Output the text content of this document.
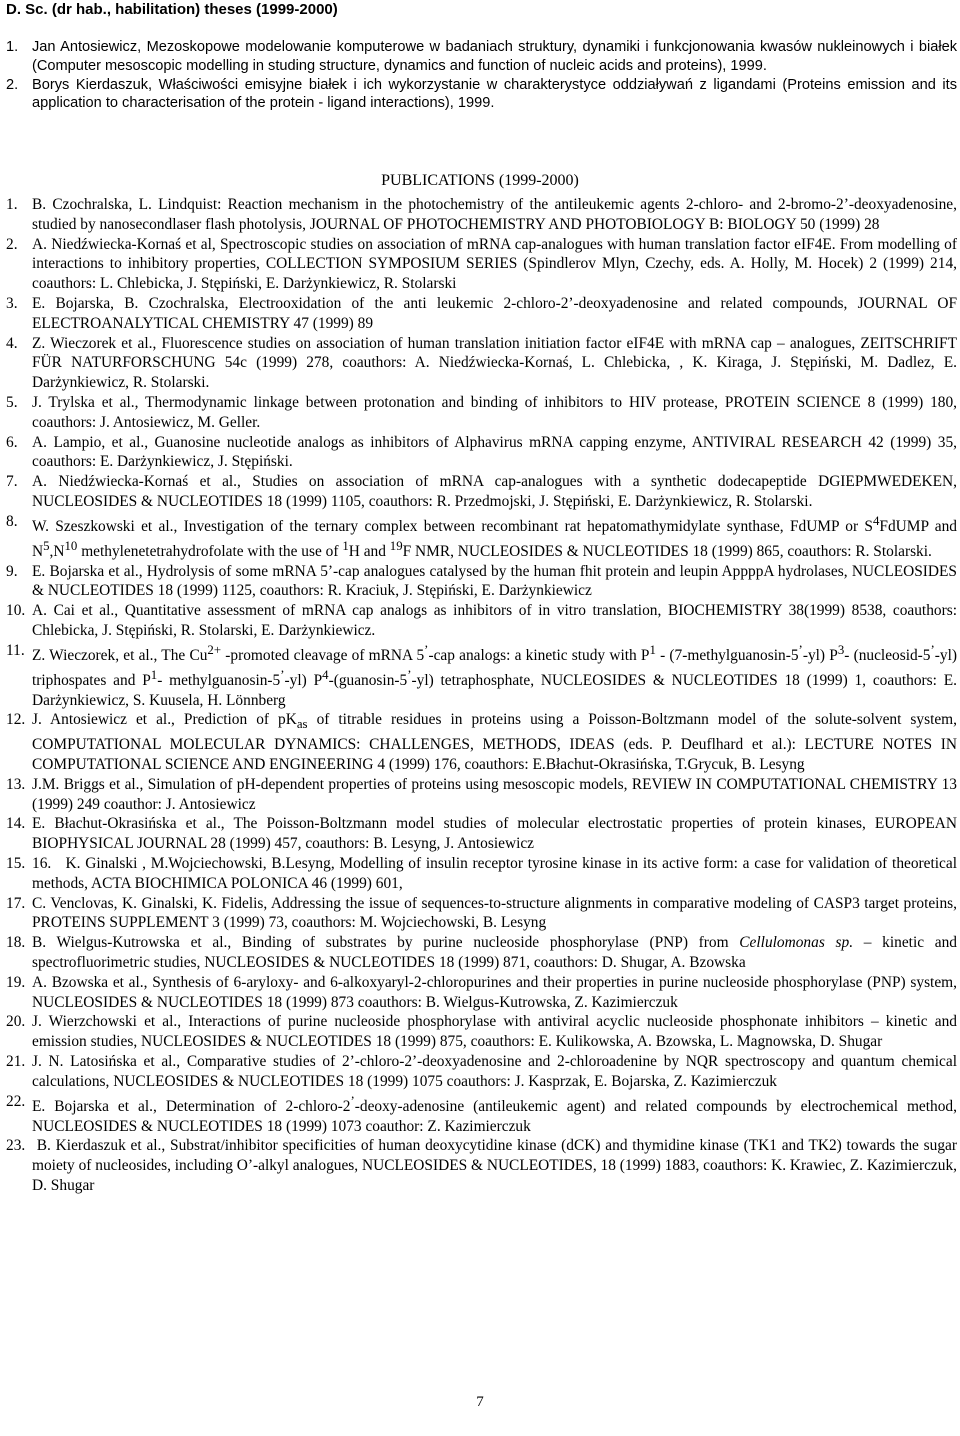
D. Sc. (dr hab., habilitation) theses (1999-2000)
1. Jan Antosiewicz, Mezoskopowe modelowanie komputerowe w badaniach struktury, dynamiki i funkcjonowania kwasów nukleinowych i białek (Computer mesoscopic modelling in studing structure, dynamics and function of nucleic acids and proteins), 1999.

2. Borys Kierdaszuk, Właściwości emisyjne białek i ich wykorzystanie w charakterystyce oddziaływań z ligandami (Proteins emission and its application to characterisation of the protein - ligand interactions), 1999.

PUBLICATIONS (1999-2000)
1. B. Czochralska, L. Lindquist: Reaction mechanism in the photochemistry of the antileukemic agents 2-chloro- and 2-bromo-2’-deoxyadenosine, studied by nanosecondlaser flash photolysis, JOURNAL OF PHOTOCHEMISTRY AND PHOTOBIOLOGY B: BIOLOGY 50 (1999) 28

2. A. Niedźwiecka-Kornaś et al, Spectroscopic studies on association of mRNA cap-analogues with human translation factor eIF4E. From modelling of interactions to inhibitory properties, COLLECTION SYMPOSIUM SERIES (Spindlerov Mlyn, Czechy, eds. A. Holly, M. Hocek) 2 (1999) 214, coauthors: L. Chlebicka, J. Stępiński, E. Darżynkiewicz, R. Stolarski

3. E. Bojarska, B. Czochralska, Electrooxidation of the anti leukemic 2-chloro-2’-deoxyadenosine and related compounds, JOURNAL OF ELECTROANALYTICAL CHEMISTRY 47 (1999) 89

4. Z. Wieczorek et al., Fluorescence studies on association of human translation initiation factor eIF4E with mRNA cap – analogues, ZEITSCHRIFT FÜR NATURFORSCHUNG 54c (1999) 278, coauthors: A. Niedźwiecka-Kornaś, L. Chlebicka, , K. Kiraga, J. Stępiński, M. Dadlez, E. Darżynkiewicz, R. Stolarski.

5. J. Trylska et al., Thermodynamic linkage between protonation and binding of inhibitors to HIV protease, PROTEIN SCIENCE 8 (1999) 180, coauthors: J. Antosiewicz, M. Geller.

6. A. Lampio, et al., Guanosine nucleotide analogs as inhibitors of Alphavirus mRNA capping enzyme, ANTIVIRAL RESEARCH 42 (1999) 35, coauthors: E. Darżynkiewicz, J. Stępiński.

7. A. Niedźwiecka-Kornaś et al., Studies on association of mRNA cap-analogues with a synthetic dodecapeptide DGIEPMWEDEKEN, NUCLEOSIDES & NUCLEOTIDES 18 (1999) 1105, coauthors: R. Przedmojski, J. Stępiński, E. Darżynkiewicz, R. Stolarski.

8. W. Szeszkowski et al., Investigation of the ternary complex between recombinant rat hepatomathymidylate synthase, FdUMP or $S^4FdUMP$ and $N^5,N^{10}$ methylenetetrahydrofolate with the use of $^1$H and $^{19}$F NMR, NUCLEOSIDES & NUCLEOTIDES 18 (1999) 865, coauthors: R. Stolarski.

9. E. Bojarska et al., Hydrolysis of some mRNA 5’-cap analogues catalysed by the human fhit protein and leupin AppppA hydrolases, NUCLEOSIDES & NUCLEOTIDES 18 (1999) 1125, coauthors: R. Kraciuk, J. Stępiński, E. Darżynkiewicz

10. A. Cai et al., Quantitative assessment of mRNA cap analogs as inhibitors of in vitro translation, BIOCHEMISTRY 38(1999) 8538, coauthors: Chlebicka, J. Stępiński, R. Stolarski, E. Darżynkiewicz.

11. Z. Wieczorek, et al., The $Cu^{2+}$ -promoted cleavage of mRNA 5’-cap analogs: a kinetic study with $P^1$ - (7-methylguanosin-5’-yl) $P^3-$ (nucleosid-5’-yl) triphospates and $P^1-$ methylguanosin-5’-yl) $P^4-(guanosin-5^’-yl)$ tetraphosphate, NUCLEOSIDES & NUCLEOTIDES 18 (1999) 1, coauthors: E. Darżynkiewicz, S. Kuusela, H. Lönnberg

12. J. Antosiewicz et al., Prediction of $pK_{as}$ of titrable residues in proteins using a Poisson-Boltzmann model of the solute-solvent system, COMPUTATIONAL MOLECULAR DYNAMICS: CHALLENGES, METHODS, IDEAS (eds. P. Deuflhard et al.): LECTURE NOTES IN COMPUTATIONAL SCIENCE AND ENGINEERING 4 (1999) 176, coauthors: E.Błachut-Okrasińska, T.Grycuk, B. Lesyng

13. J.M. Briggs et al., Simulation of pH-dependent properties of proteins using mesoscopic models, REVIEW IN COMPUTATIONAL CHEMISTRY 13 (1999) 249 coauthor: J. Antosiewicz

14. E. Błachut-Okrasińska et al., The Poisson-Boltzmann model studies of molecular electrostatic properties of protein kinases, EUROPEAN BIOPHYSICAL JOURNAL 28 (1999) 457, coauthors: B. Lesyng, J. Antosiewicz

15. 16.   K. Ginalski , M.Wojciechowski, B.Lesyng, Modelling of insulin receptor tyrosine kinase in its active form: a case for validation of theoretical methods, ACTA BIOCHIMICA POLONICA 46 (1999) 601,

17. C. Venclovas, K. Ginalski, K. Fidelis, Addressing the issue of sequences-to-structure alignments in comparative modeling of CASP3 target proteins, PROTEINS SUPPLEMENT 3 (1999) 73, coauthors: M. Wojciechowski, B. Lesyng

18. B. Wielgus-Kutrowska et al., Binding of substrates by purine nucleoside phosphorylase (PNP) from Cellulomonas sp. – kinetic and spectrofluorimetric studies, NUCLEOSIDES & NUCLEOTIDES 18 (1999) 871, coauthors: D. Shugar, A. Bzowska

19. A. Bzowska et al., Synthesis of 6-aryloxy- and 6-alkoxyaryl-2-chloropurines and their properties in purine nucleoside phosphorylase (PNP) system, NUCLEOSIDES & NUCLEOTIDES 18 (1999) 873 coauthors: B. Wielgus-Kutrowska, Z. Kazimierczuk

20. J. Wierzchowski et al., Interactions of purine nucleoside phosphorylase with antiviral acyclic nucleoside phosphonate inhibitors – kinetic and emission studies, NUCLEOSIDES & NUCLEOTIDES 18 (1999) 875, coauthors: E. Kulikowska, A. Bzowska, L. Magnowska, D. Shugar

21. J. N. Latosińska et al., Comparative studies of 2’-chloro-2’-deoxyadenosine and 2-chloroadenine by NQR spectroscopy and quantum chemical calculations, NUCLEOSIDES & NUCLEOTIDES 18 (1999) 1075 coauthors: J. Kasprzak, E. Bojarska, Z. Kazimierczuk

22. E. Bojarska et al., Determination of 2-chloro-2’-deoxy-adenosine (antileukemic agent) and related compounds by electrochemical method, NUCLEOSIDES & NUCLEOTIDES 18 (1999) 1073 coauthor: Z. Kazimierczuk

23. B. Kierdaszuk et al., Substrat/inhibitor specificities of human deoxycytidine kinase (dCK) and thymidine kinase (TK1 and TK2) towards the sugar moiety of nucleosides, including O’-alkyl analogues, NUCLEOSIDES & NUCLEOTIDES, 18 (1999) 1883, coauthors: K. Krawiec, Z. Kazimierczuk, D. Shugar

7
